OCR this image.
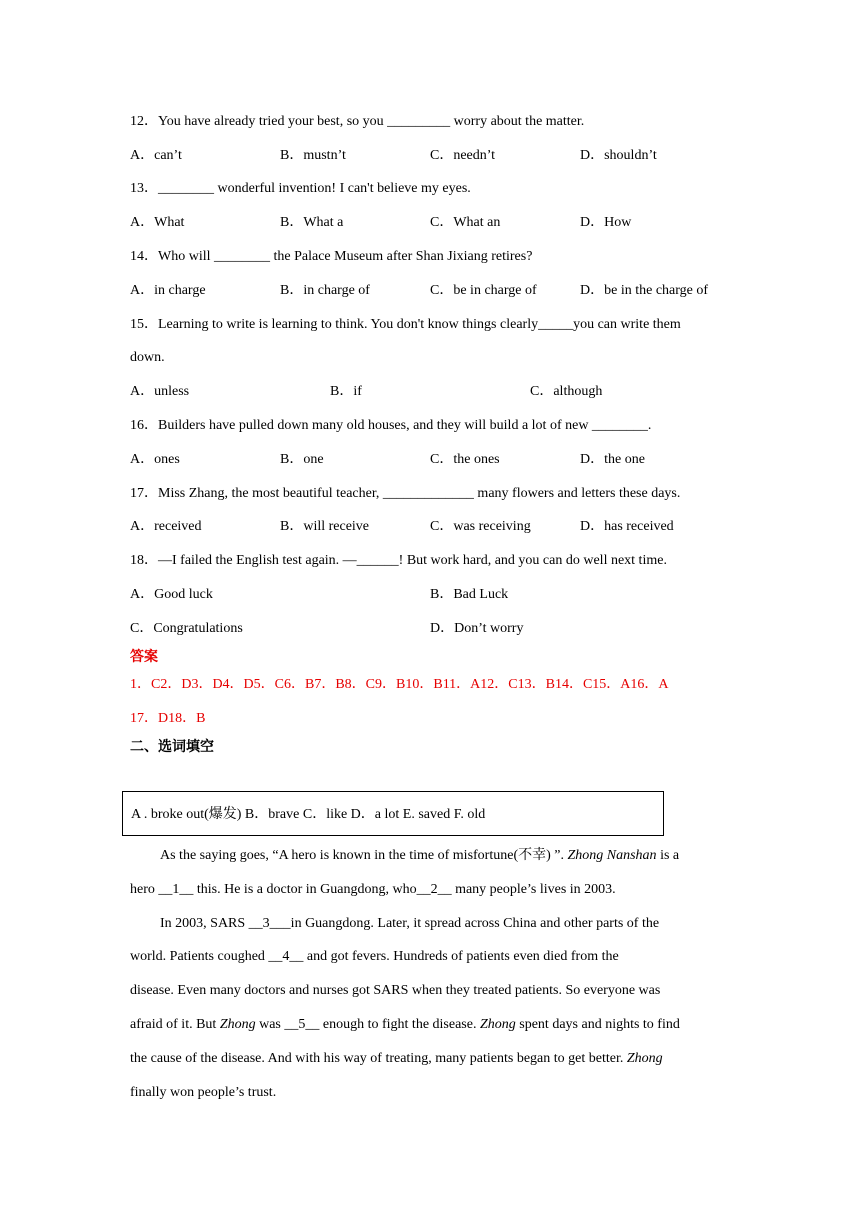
12．You have already tried your best, so you _________ worry about the matter.
A．can’t	B．mustn’t	C．needn’t	D．shouldn’t
13．________ wonderful invention! I can't believe my eyes.
A．What	B．What a	C．What an	D．How
14．Who will ________ the Palace Museum after Shan Jixiang retires?
A．in charge	B．in charge of	C．be in charge of	D．be in the charge of
15．Learning to write is learning to think. You don't know things clearly_____you can write them
down.
A．unless	B．if	C．although
16．Builders have pulled down many old houses, and they will build a lot of new ________.
A．ones	B．one	C．the ones	D．the one
17．Miss Zhang, the most beautiful teacher, _____________ many flowers and letters these days.
A．received	B．will receive	C．was receiving	D．has received
18．—I failed the English test again. —______! But work hard, and you can do well next time.
A．Good luck	B．Bad Luck
C．Congratulations	D．Don’t worry
答案
1．C2．D3．D4．D5．C6．B7．B8．C9．B10．B11．A12．C13．B14．C15．A16．A
17．D18．B
二、选词填空
A . broke out(爆发) B．brave C．like D．a lot E. saved F. old
As the saying goes, “A hero is known in the time of misfortune(不幸) ”. Zhong Nanshan is a
hero __1__ this. He is a doctor in Guangdong, who__2__ many people’s lives in 2003.
In 2003, SARS __3___in Guangdong. Later, it spread across China and other parts of the
world. Patients coughed __4__ and got fevers. Hundreds of patients even died from the
disease. Even many doctors and nurses got SARS when they treated patients. So everyone was
afraid of it. But Zhong was __5__ enough to fight the disease. Zhong spent days and nights to find
the cause of the disease. And with his way of treating, many patients began to get better. Zhong
finally won people’s trust.
